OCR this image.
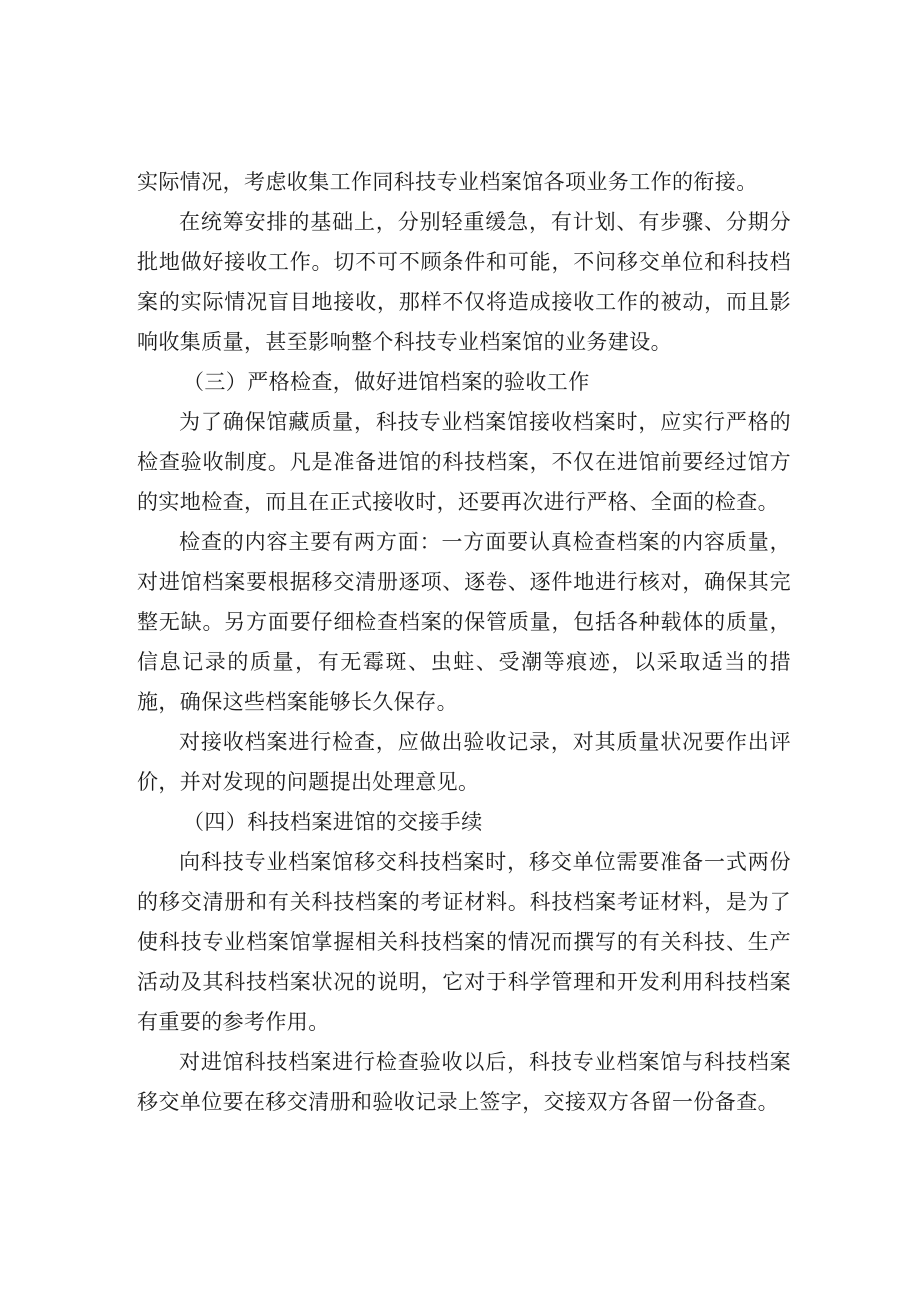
实际情况，考虑收集工作同科技专业档案馆各项业务工作的衔接。

在统筹安排的基础上，分别轻重缓急，有计划、有步骤、分期分批地做好接收工作。切不可不顾条件和可能，不问移交单位和科技档案的实际情况盲目地接收，那样不仅将造成接收工作的被动，而且影响收集质量，甚至影响整个科技专业档案馆的业务建设。

（三）严格检查，做好进馆档案的验收工作

为了确保馆藏质量，科技专业档案馆接收档案时，应实行严格的检查验收制度。凡是准备进馆的科技档案，不仅在进馆前要经过馆方的实地检查，而且在正式接收时，还要再次进行严格、全面的检查。

检查的内容主要有两方面：一方面要认真检查档案的内容质量，对进馆档案要根据移交清册逐项、逐卷、逐件地进行核对，确保其完整无缺。另方面要仔细检查档案的保管质量，包括各种载体的质量，信息记录的质量，有无霉斑、虫蛀、受潮等痕迹，以采取适当的措施，确保这些档案能够长久保存。

对接收档案进行检查，应做出验收记录，对其质量状况要作出评价，并对发现的问题提出处理意见。

（四）科技档案进馆的交接手续

向科技专业档案馆移交科技档案时，移交单位需要准备一式两份的移交清册和有关科技档案的考证材料。科技档案考证材料，是为了使科技专业档案馆掌握相关科技档案的情况而撰写的有关科技、生产活动及其科技档案状况的说明，它对于科学管理和开发利用科技档案有重要的参考作用。

对进馆科技档案进行检查验收以后，科技专业档案馆与科技档案移交单位要在移交清册和验收记录上签字，交接双方各留一份备查。
